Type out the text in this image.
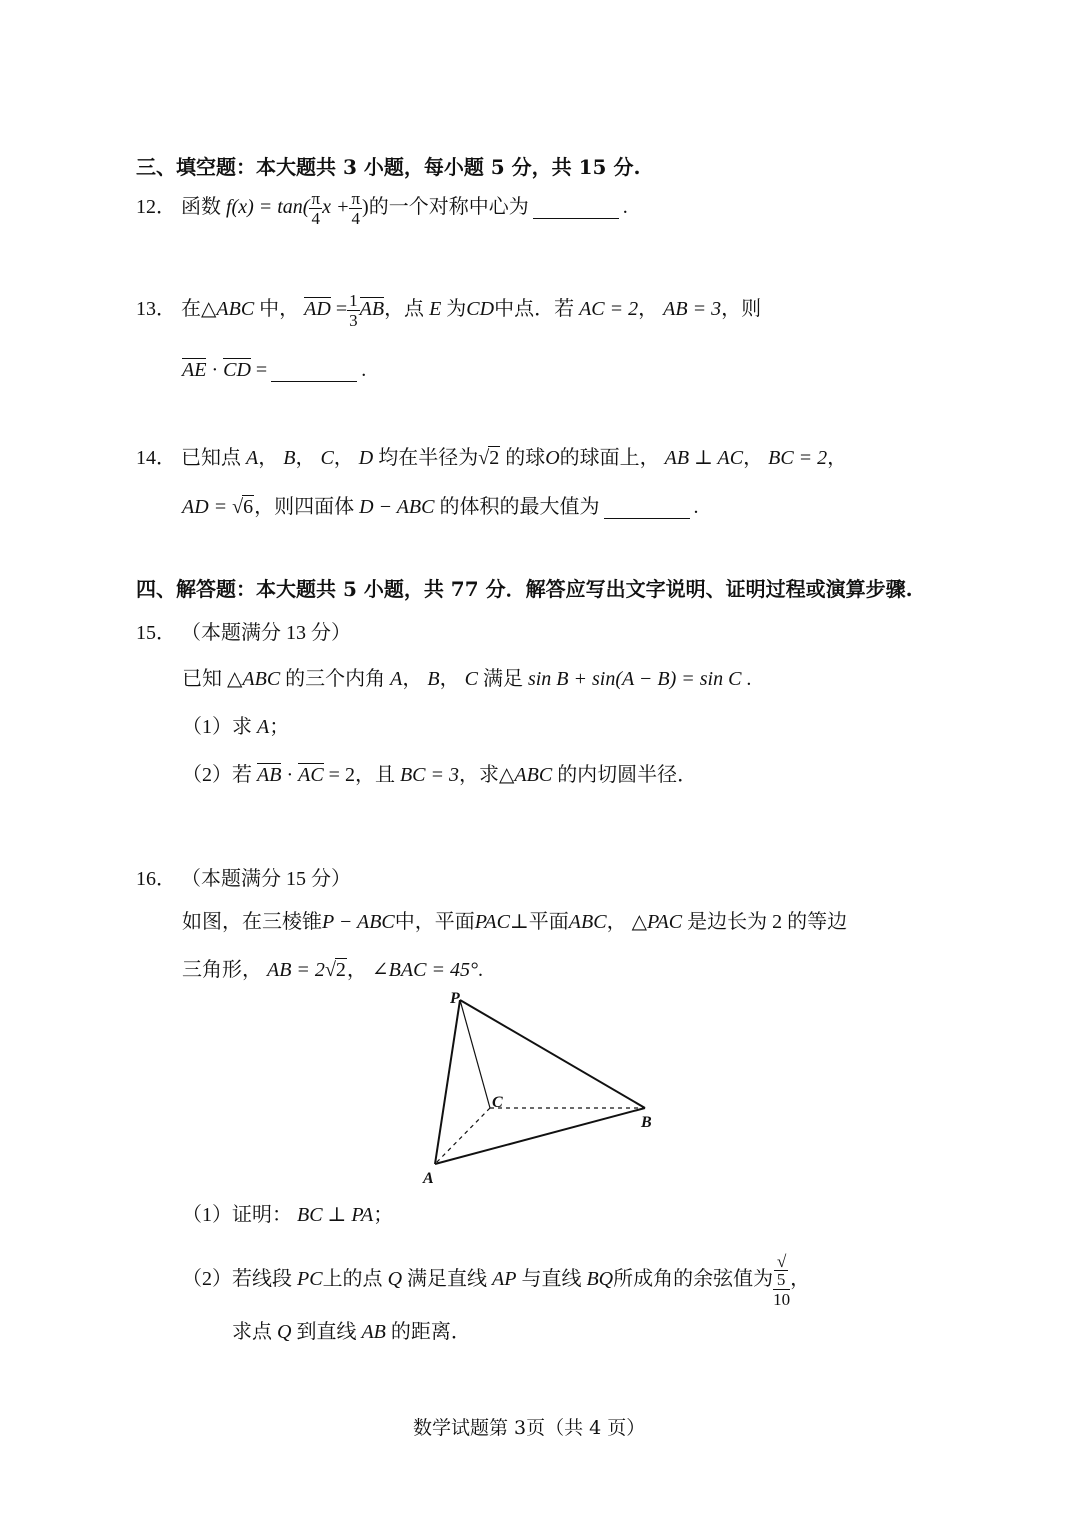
三、填空题：本大题共 3 小题，每小题 5 分，共 15 分.
12． 函数 $f(x) = \tan( \frac{\pi}{4}$ $x + \frac{\pi}{4}$ )的一个对称中心为	.
13． 在△ABC 中， AD = $\frac{1}{3}$ AB，点 E 为CD中点．若 AC = 2， AB = 3，则
AE · CD =	.
14． 已知点 A， B， C， D 均在半径为√2 的球O的球面上， AB ⊥ AC， BC = 2，
AD = √6，则四面体 D − ABC 的体积的最大值为	.
四、解答题：本大题共 5 小题，共 77 分．解答应写出文字说明、证明过程或演算步骤.
15． （本题满分 13 分）
已知 △ABC 的三个内角 A， B， C 满足 sin B + sin(A − B) = sin C .
（1）求 A；
（2）若 AB · AC = 2，且 BC = 3，求△ABC 的内切圆半径．
16． （本题满分 15 分）
如图，在三棱锥P − ABC中，平面PAC⊥平面ABC， △PAC 是边长为 2 的等边
三角形， AB = 2√2， ∠BAC = 45°.
P
C
B
A
（1）证明： BC ⊥ PA；
（2）若线段 PC上的点 Q 满足直线 AP 与直线 BQ所成角的余弦值为 √
5
10 ，
求点 Q 到直线 AB 的距离．
数学试题第 3页（共 4 页）
